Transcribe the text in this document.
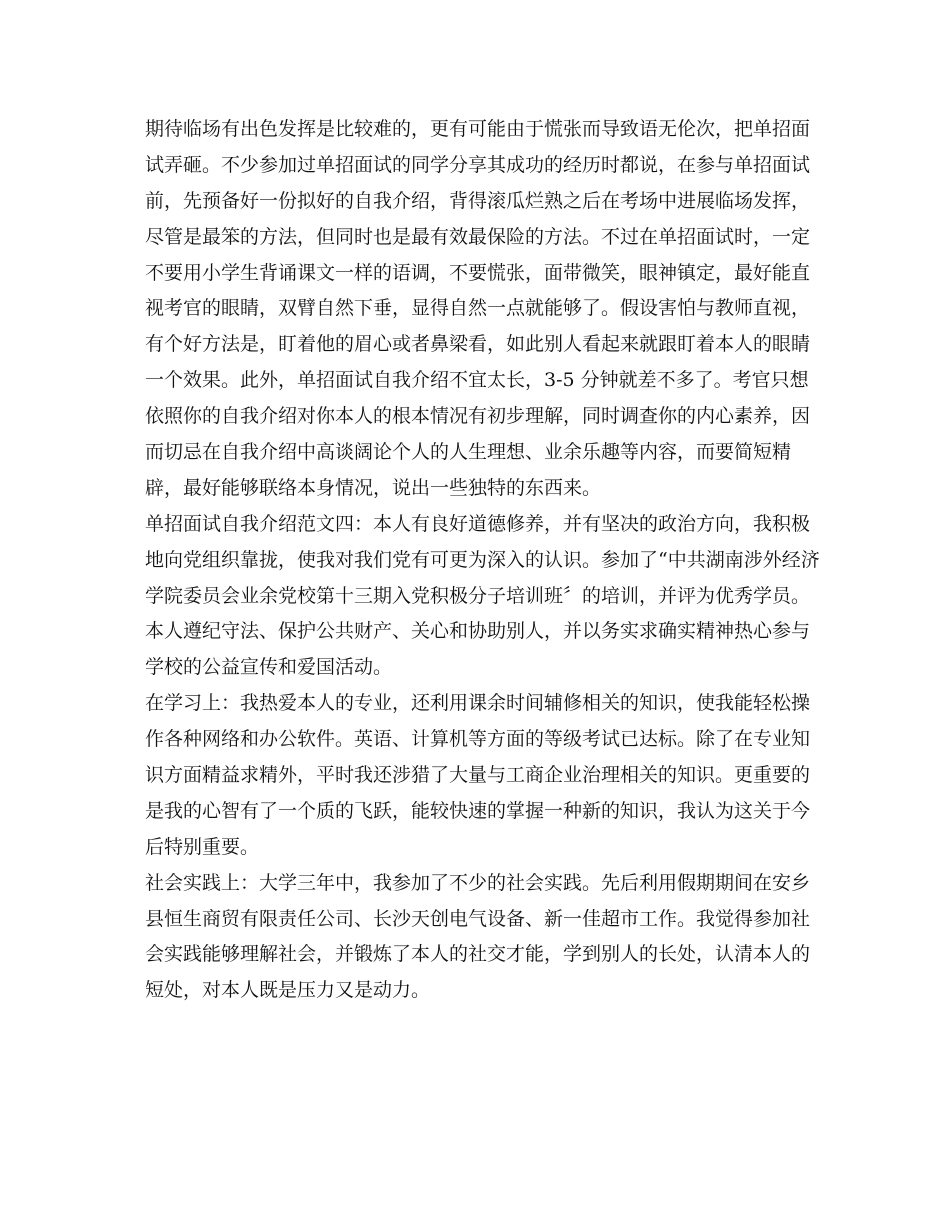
期待临场有出色发挥是比较难的，更有可能由于慌张而导致语无伦次，把单招面
试弄砸。不少参加过单招面试的同学分享其成功的经历时都说，在参与单招面试
前，先预备好一份拟好的自我介绍，背得滚瓜烂熟之后在考场中进展临场发挥，
尽管是最笨的方法，但同时也是最有效最保险的方法。不过在单招面试时，一定
不要用小学生背诵课文一样的语调，不要慌张，面带微笑，眼神镇定，最好能直
视考官的眼睛，双臂自然下垂，显得自然一点就能够了。假设害怕与教师直视，
有个好方法是，盯着他的眉心或者鼻梁看，如此别人看起来就跟盯着本人的眼睛
一个效果。此外，单招面试自我介绍不宜太长，3-5 分钟就差不多了。考官只想
依照你的自我介绍对你本人的根本情况有初步理解，同时调查你的内心素养，因
而切忌在自我介绍中高谈阔论个人的人生理想、业余乐趣等内容，而要简短精
辟，最好能够联络本身情况，说出一些独特的东西来。
单招面试自我介绍范文四：本人有良好道德修养，并有坚决的政治方向，我积极
地向党组织靠拢，使我对我们党有可更为深入的认识。参加了“中共湖南涉外经济
学院委员会业余党校第十三期入党积极分子培训班〞的培训，并评为优秀学员。
本人遵纪守法、保护公共财产、关心和协助别人，并以务实求确实精神热心参与
学校的公益宣传和爱国活动。
在学习上：我热爱本人的专业，还利用课余时间辅修相关的知识，使我能轻松操
作各种网络和办公软件。英语、计算机等方面的等级考试已达标。除了在专业知
识方面精益求精外，平时我还涉猎了大量与工商企业治理相关的知识。更重要的
是我的心智有了一个质的飞跃，能较快速的掌握一种新的知识，我认为这关于今
后特别重要。
社会实践上：大学三年中，我参加了不少的社会实践。先后利用假期期间在安乡
县恒生商贸有限责任公司、长沙天创电气设备、新一佳超市工作。我觉得参加社
会实践能够理解社会，并锻炼了本人的社交才能，学到别人的长处，认清本人的
短处，对本人既是压力又是动力。
